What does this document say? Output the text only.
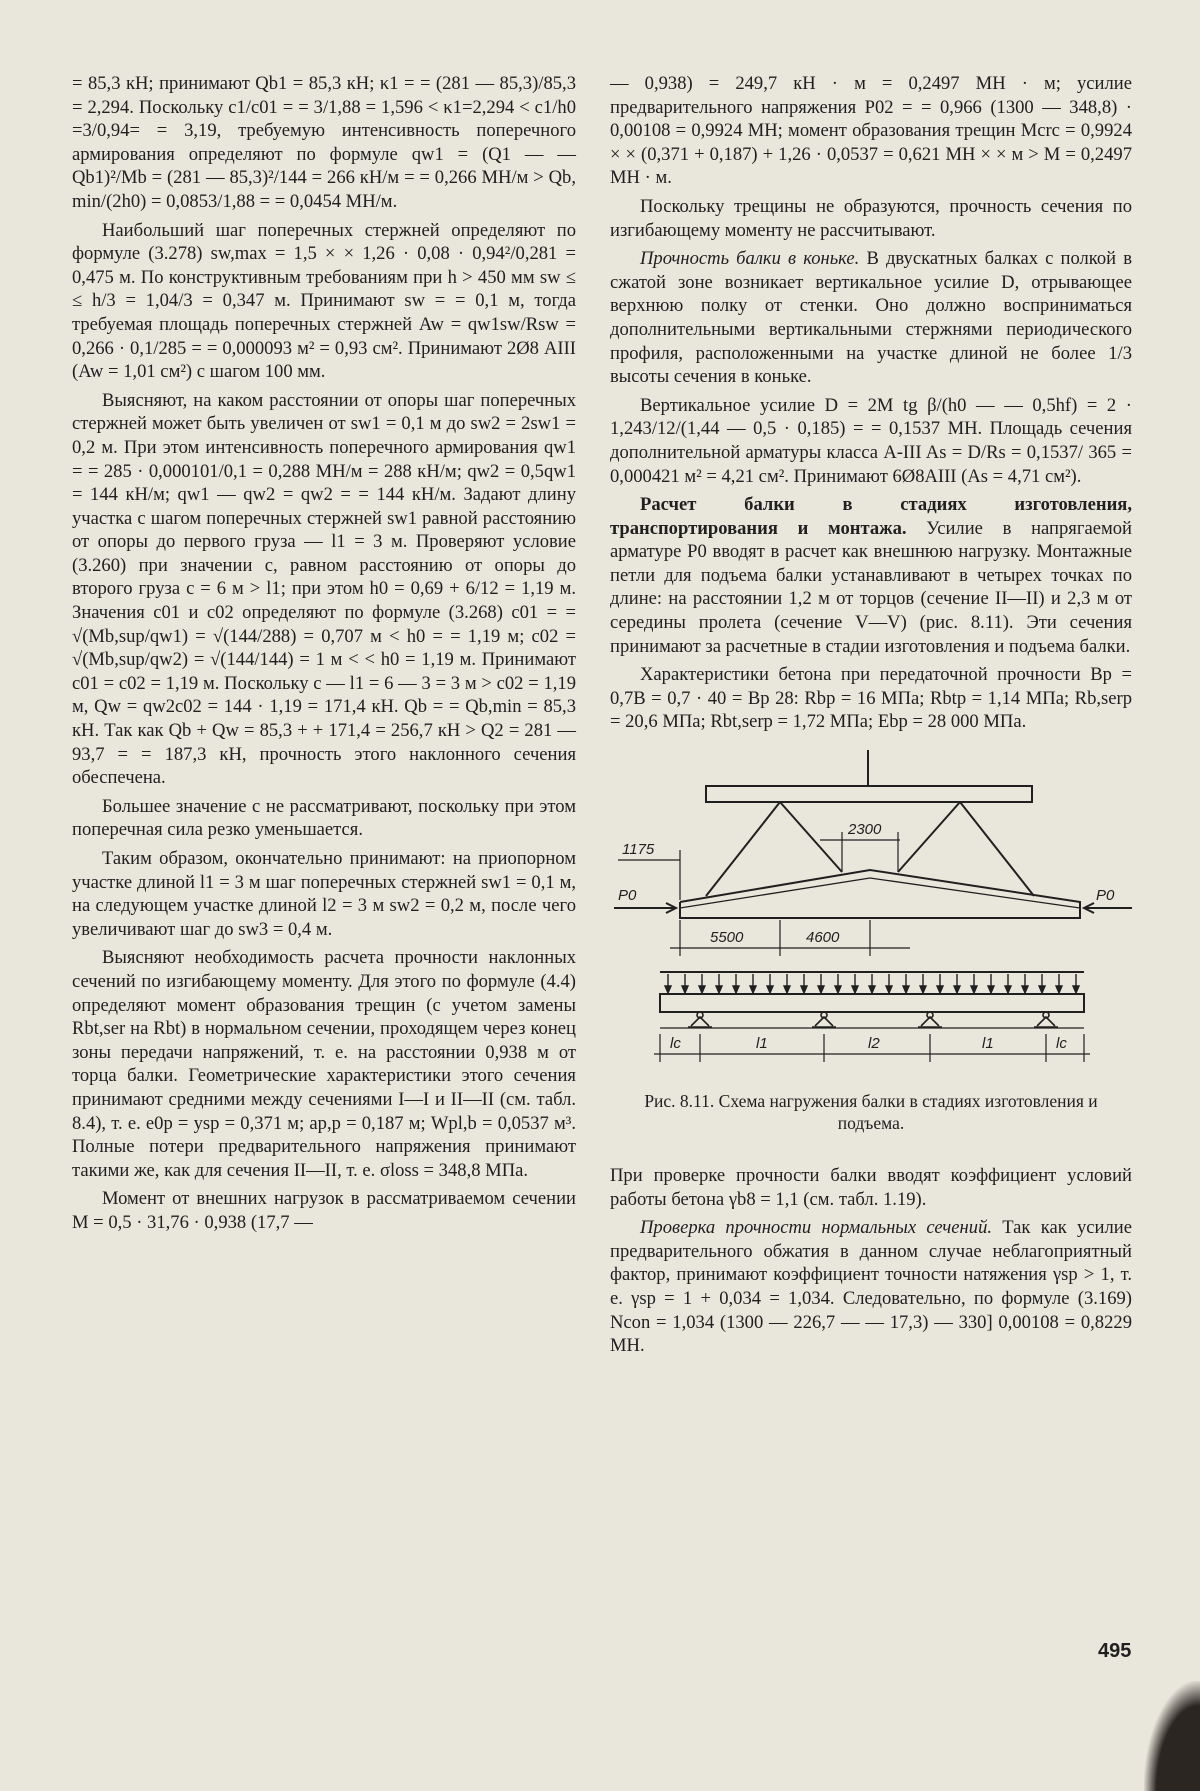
= 85,3 кН; принимают Qb1 = 85,3 кН; κ1 = = (281 — 85,3)/85,3 = 2,294. Поскольку c1/c01 = = 3/1,88 = 1,596 < κ1=2,294 < c1/h0 =3/0,94= = 3,19, требуемую интенсивность поперечного армирования определяют по формуле qw1 = (Q1 — — Qb1)²/Mb = (281 — 85,3)²/144 = 266 кН/м = = 0,266 МН/м > Qb, min/(2h0) = 0,0853/1,88 = = 0,0454 МН/м.

Наибольший шаг поперечных стержней определяют по формуле (3.278) sw,max = 1,5 × × 1,26 · 0,08 · 0,94²/0,281 = 0,475 м. По конструктивным требованиям при h > 450 мм sw ≤ ≤ h/3 = 1,04/3 = 0,347 м. Принимают sw = = 0,1 м, тогда требуемая площадь поперечных стержней Aw = qw1sw/Rsw = 0,266 · 0,1/285 = = 0,000093 м² = 0,93 см². Принимают 2Ø8 АIII (Aw = 1,01 см²) с шагом 100 мм.

Выясняют, на каком расстоянии от опоры шаг поперечных стержней может быть увеличен от sw1 = 0,1 м до sw2 = 2sw1 = 0,2 м. При этом интенсивность поперечного армирования qw1 = = 285 · 0,000101/0,1 = 0,288 МН/м = 288 кН/м; qw2 = 0,5qw1 = 144 кН/м; qw1 — qw2 = qw2 = = 144 кН/м. Задают длину участка с шагом поперечных стержней sw1 равной расстоянию от опоры до первого груза — l1 = 3 м. Проверяют условие (3.260) при значении c, равном расстоянию от опоры до второго груза c = 6 м > l1; при этом h0 = 0,69 + 6/12 = 1,19 м. Значения c01 и c02 определяют по формуле (3.268) c01 = = √(Mb,sup/qw1) = √(144/288) = 0,707 м < h0 = = 1,19 м; c02 = √(Mb,sup/qw2) = √(144/144) = 1 м < < h0 = 1,19 м. Принимают c01 = c02 = 1,19 м. Поскольку c — l1 = 6 — 3 = 3 м > c02 = 1,19 м, Qw = qw2c02 = 144 · 1,19 = 171,4 кН. Qb = = Qb,min = 85,3 кН. Так как Qb + Qw = 85,3 + + 171,4 = 256,7 кН > Q2 = 281 — 93,7 = = 187,3 кН, прочность этого наклонного сечения обеспечена.

Большее значение c не рассматривают, поскольку при этом поперечная сила резко уменьшается.

Таким образом, окончательно принимают: на приопорном участке длиной l1 = 3 м шаг поперечных стержней sw1 = 0,1 м, на следующем участке длиной l2 = 3 м sw2 = 0,2 м, после чего увеличивают шаг до sw3 = 0,4 м.

Выясняют необходимость расчета прочности наклонных сечений по изгибающему моменту. Для этого по формуле (4.4) определяют момент образования трещин (с учетом замены Rbt,ser на Rbt) в нормальном сечении, проходящем через конец зоны передачи напряжений, т. е. на расстоянии 0,938 м от торца балки. Геометрические характеристики этого сечения принимают средними между сечениями I—I и II—II (см. табл. 8.4), т. е. e0p = ysp = 0,371 м; ap,p = 0,187 м; Wpl,b = 0,0537 м³. Полные потери предварительного напряжения принимают такими же, как для сечения II—II, т. е. σloss = 348,8 МПа.

Момент от внешних нагрузок в рассматриваемом сечении M = 0,5 · 31,76 · 0,938 (17,7 —

— 0,938) = 249,7 кН · м = 0,2497 МН · м; усилие предварительного напряжения P02 = = 0,966 (1300 — 348,8) · 0,00108 = 0,9924 МН; момент образования трещин Mcrc = 0,9924 × × (0,371 + 0,187) + 1,26 · 0,0537 = 0,621 МН × × м > M = 0,2497 МН · м.

Поскольку трещины не образуются, прочность сечения по изгибающему моменту не рассчитывают.

Прочность балки в коньке. В двускатных балках с полкой в сжатой зоне возникает вертикальное усилие D, отрывающее верхнюю полку от стенки. Оно должно восприниматься дополнительными вертикальными стержнями периодического профиля, расположенными на участке длиной не более 1/3 высоты сечения в коньке.

Вертикальное усилие D = 2M tg β/(h0 — — 0,5hf) = 2 · 1,243/12/(1,44 — 0,5 · 0,185) = = 0,1537 МН. Площадь сечения дополнительной арматуры класса А-III As = D/Rs = 0,1537/ 365 = 0,000421 м² = 4,21 см². Принимают 6Ø8АIII (As = 4,71 см²).

Расчет балки в стадиях изготовления, транспортирования и монтажа. Усилие в напрягаемой арматуре P0 вводят в расчет как внешнюю нагрузку. Монтажные петли для подъема балки устанавливают в четырех точках по длине: на расстоянии 1,2 м от торцов (сечение II—II) и 2,3 м от середины пролета (сечение V—V) (рис. 8.11). Эти сечения принимают за расчетные в стадии изготовления и подъема балки.

Характеристики бетона при передаточной прочности Bp = 0,7B = 0,7 · 40 = Bp 28: Rbp = 16 МПа; Rbtp = 1,14 МПа; Rb,serp = 20,6 МПа; Rbt,serp = 1,72 МПа; Ebp = 28 000 МПа.

1175
2300
5500	4600
P0	P0
lc	l1	l2	l1	lc
Рис. 8.11. Схема нагружения балки в стадиях изготовления и подъема.

При проверке прочности балки вводят коэффициент условий работы бетона γb8 = 1,1 (см. табл. 1.19).

Проверка прочности нормальных сечений. Так как усилие предварительного обжатия в данном случае неблагоприятный фактор, принимают коэффициент точности натяжения γsp > 1, т. е. γsp = 1 + 0,034 = 1,034. Следовательно, по формуле (3.169) Ncon = 1,034 (1300 — 226,7 — — 17,3) — 330] 0,00108 = 0,8229 МН.

495
